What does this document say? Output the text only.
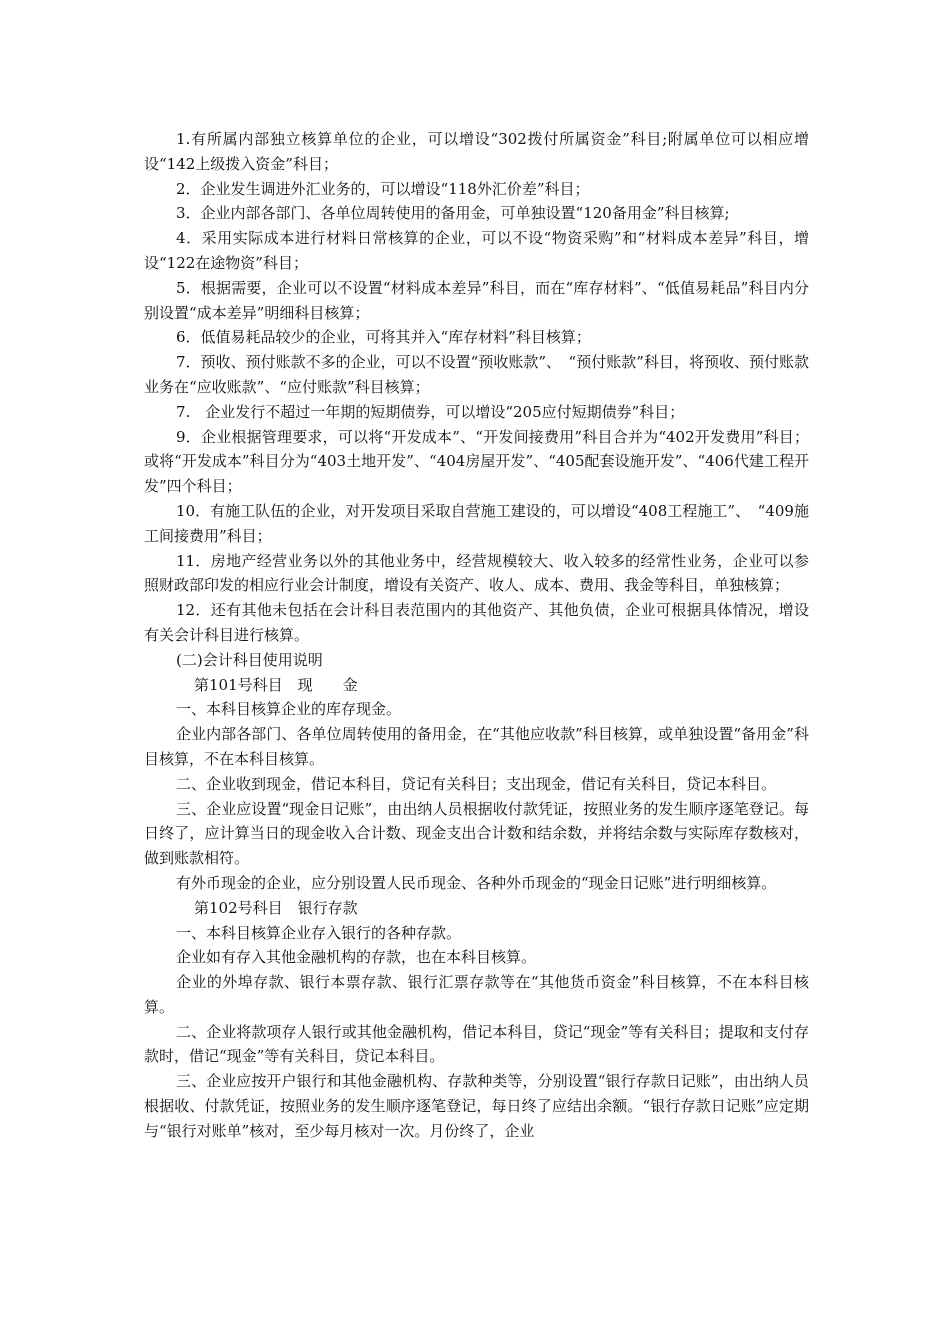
1.有所属内部独立核算单位的企业，可以增设“302拨付所属资金”科目;附属单位可以相应增设“142上级拨入资金”科目；

2．企业发生调进外汇业务的，可以增设“118外汇价差”科目；

3．企业内部各部门、各单位周转使用的备用金，可单独设置“120备用金”科目核算;

4．采用实际成本进行材料日常核算的企业，可以不设“物资采购”和“材料成本差异”科目，增设“122在途物资”科目；

5．根据需要，企业可以不设置“材料成本差异”科目，而在“库存材料”、“低值易耗品”科目内分别设置“成本差异”明细科目核算；

6．低值易耗品较少的企业，可将其并入“库存材料”科目核算；

7．预收、预付账款不多的企业，可以不设置“预收账款”、　“预付账款”科目，将预收、预付账款业务在“应收账款”、“应付账款”科目核算；

7.　企业发行不超过一年期的短期债券，可以增设“205应付短期债券”科目；

9．企业根据管理要求，可以将“开发成本”、“开发间接费用”科目合并为“402开发费用”科目；或将“开发成本”科目分为“403土地开发”、“404房屋开发”、“405配套设施开发”、“406代建工程开发”四个科目；

10．有施工队伍的企业，对开发项目采取自营施工建设的，可以增设“408工程施工”、　“409施工间接费用”科目；

11．房地产经营业务以外的其他业务中，经营规模较大、收入较多的经常性业务，企业可以参照财政部印发的相应行业会计制度，增设有关资产、收人、成本、费用、我金等科目，单独核算；

12．还有其他未包括在会计科目表范围内的其他资产、其他负债，企业可根据具体情况，增设有关会计科目进行核算。

(二)会计科目使用说明

第101号科目　现　　金

一、本科目核算企业的库存现金。

企业内部各部门、各单位周转使用的备用金，在“其他应收款”科目核算，或单独设置“备用金”科目核算，不在本科目核算。

二、企业收到现金，借记本科目，贷记有关科目；支出现金，借记有关科目，贷记本科目。

三、企业应设置“现金日记账”，由出纳人员根据收付款凭证，按照业务的发生顺序逐笔登记。每日终了，应计算当日的现金收入合计数、现金支出合计数和结余数，并将结余数与实际库存数核对，做到账款相符。

有外币现金的企业，应分别设置人民币现金、各种外币现金的“现金日记账”进行明细核算。

第102号科目　银行存款

一、本科目核算企业存入银行的各种存款。

企业如有存入其他金融机构的存款，也在本科目核算。

企业的外埠存款、银行本票存款、银行汇票存款等在“其他货币资金”科目核算，不在本科目核算。

二、企业将款项存人银行或其他金融机构，借记本科目，贷记“现金”等有关科目；提取和支付存款时，借记“现金”等有关科目，贷记本科目。

三、企业应按开户银行和其他金融机构、存款种类等，分别设置“银行存款日记账”，由出纳人员根据收、付款凭证，按照业务的发生顺序逐笔登记，每日终了应结出余额。“银行存款日记账”应定期与“银行对账单”核对，至少每月核对一次。月份终了，企业
